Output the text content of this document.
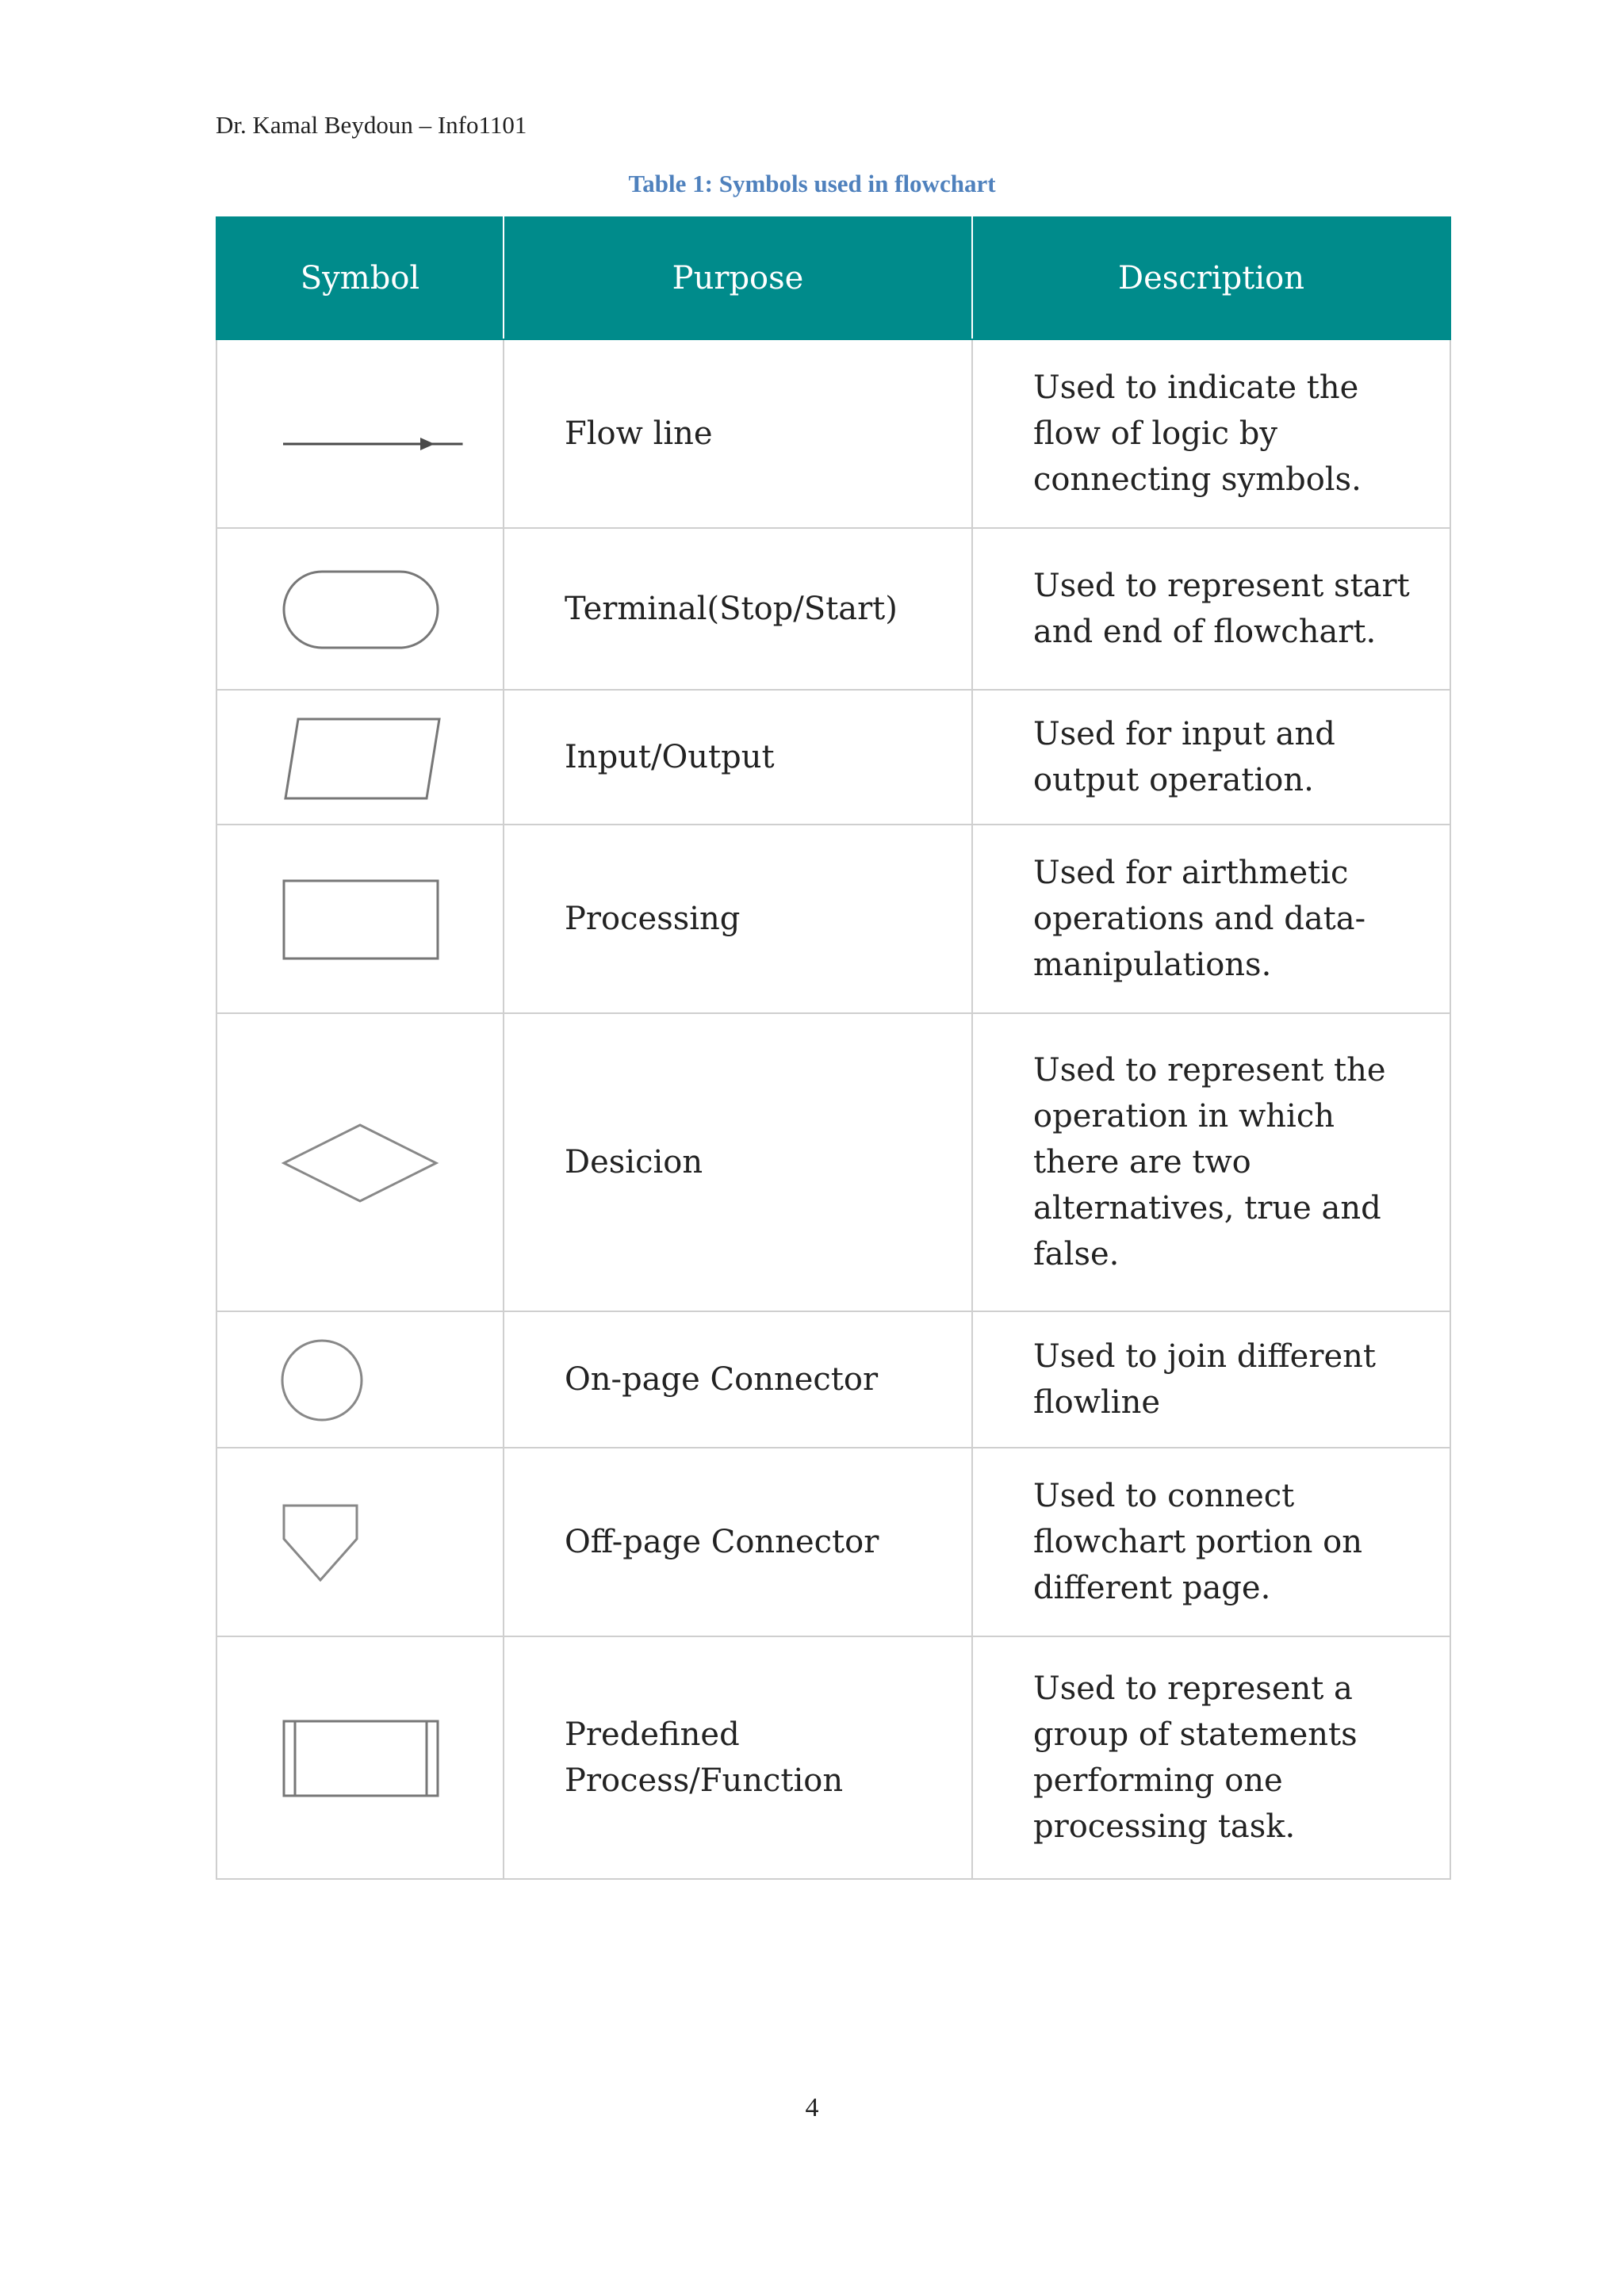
Dr. Kamal Beydoun – Info1101
Table 1: Symbols used in flowchart
Symbol	Purpose	Description

	Flow line	Used to indicate the flow of logic by connecting symbols.

	Terminal(Stop/Start)	Used to represent start and end of flowchart.

	Input/Output	Used for input and output operation.

	Processing	Used for airthmetic operations and data-manipulations.

	Desicion	Used to represent the operation in which there are two alternatives, true and false.

	On-page Connector	Used to join different flowline

	Off-page Connector	Used to connect flowchart portion on different page.

	Predefined Process/Function	Used to represent a group of statements performing one processing task.
4
